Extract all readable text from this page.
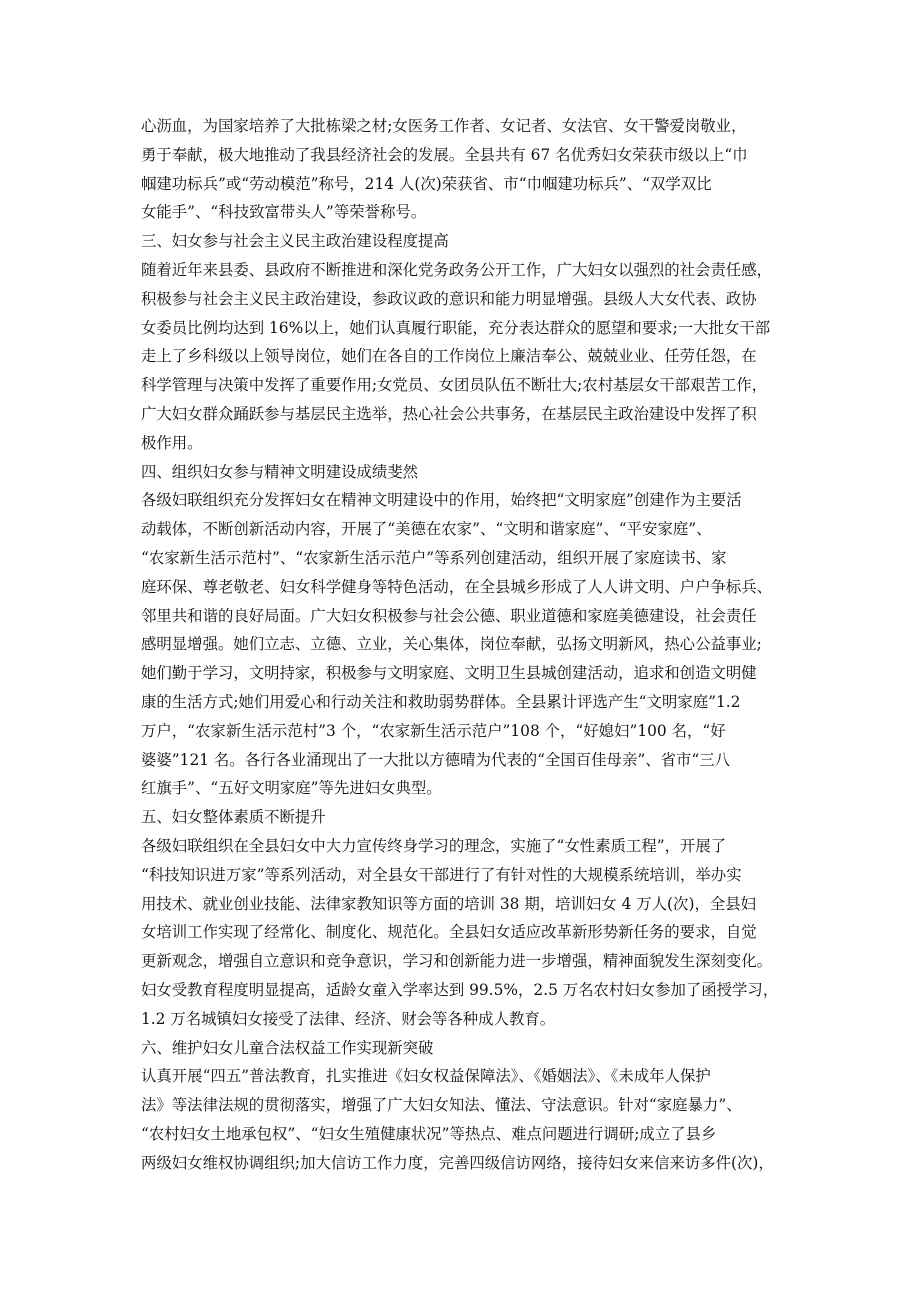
心沥血，为国家培养了大批栋梁之材;女医务工作者、女记者、女法官、女干警爱岗敬业，
勇于奉献，极大地推动了我县经济社会的发展。全县共有 67 名优秀妇女荣获市级以上“巾
帼建功标兵”或“劳动模范”称号，214 人(次)荣获省、市“巾帼建功标兵”、“双学双比
女能手”、“科技致富带头人”等荣誉称号。
三、妇女参与社会主义民主政治建设程度提高
随着近年来县委、县政府不断推进和深化党务政务公开工作，广大妇女以强烈的社会责任感，
积极参与社会主义民主政治建设，参政议政的意识和能力明显增强。县级人大女代表、政协
女委员比例均达到 16%以上，她们认真履行职能，充分表达群众的愿望和要求;一大批女干部
走上了乡科级以上领导岗位，她们在各自的工作岗位上廉洁奉公、兢兢业业、任劳任怨，在
科学管理与决策中发挥了重要作用;女党员、女团员队伍不断壮大;农村基层女干部艰苦工作，
广大妇女群众踊跃参与基层民主选举，热心社会公共事务，在基层民主政治建设中发挥了积
极作用。
四、组织妇女参与精神文明建设成绩斐然
各级妇联组织充分发挥妇女在精神文明建设中的作用，始终把“文明家庭”创建作为主要活
动载体，不断创新活动内容，开展了“美德在农家”、“文明和谐家庭”、“平安家庭”、
“农家新生活示范村”、“农家新生活示范户”等系列创建活动，组织开展了家庭读书、家
庭环保、尊老敬老、妇女科学健身等特色活动，在全县城乡形成了人人讲文明、户户争标兵、
邻里共和谐的良好局面。广大妇女积极参与社会公德、职业道德和家庭美德建设，社会责任
感明显增强。她们立志、立德、立业，关心集体，岗位奉献，弘扬文明新风，热心公益事业;
她们勤于学习，文明持家，积极参与文明家庭、文明卫生县城创建活动，追求和创造文明健
康的生活方式;她们用爱心和行动关注和救助弱势群体。全县累计评选产生“文明家庭”1.2
万户，“农家新生活示范村”3 个，“农家新生活示范户”108 个，“好媳妇”100 名，“好
婆婆”121 名。各行各业涌现出了一大批以方德晴为代表的“全国百佳母亲”、省市“三八
红旗手”、“五好文明家庭”等先进妇女典型。
五、妇女整体素质不断提升
各级妇联组织在全县妇女中大力宣传终身学习的理念，实施了“女性素质工程”，开展了
“科技知识进万家”等系列活动，对全县女干部进行了有针对性的大规模系统培训，举办实
用技术、就业创业技能、法律家教知识等方面的培训 38 期，培训妇女 4 万人(次)，全县妇
女培训工作实现了经常化、制度化、规范化。全县妇女适应改革新形势新任务的要求，自觉
更新观念，增强自立意识和竞争意识，学习和创新能力进一步增强，精神面貌发生深刻变化。
妇女受教育程度明显提高，适龄女童入学率达到 99.5%，2.5 万名农村妇女参加了函授学习，
1.2 万名城镇妇女接受了法律、经济、财会等各种成人教育。
六、维护妇女儿童合法权益工作实现新突破
认真开展“四五”普法教育，扎实推进《妇女权益保障法》、《婚姻法》、《未成年人保护
法》等法律法规的贯彻落实，增强了广大妇女知法、懂法、守法意识。针对“家庭暴力”、
“农村妇女土地承包权”、“妇女生殖健康状况”等热点、难点问题进行调研;成立了县乡
两级妇女维权协调组织;加大信访工作力度，完善四级信访网络，接待妇女来信来访多件(次)，
